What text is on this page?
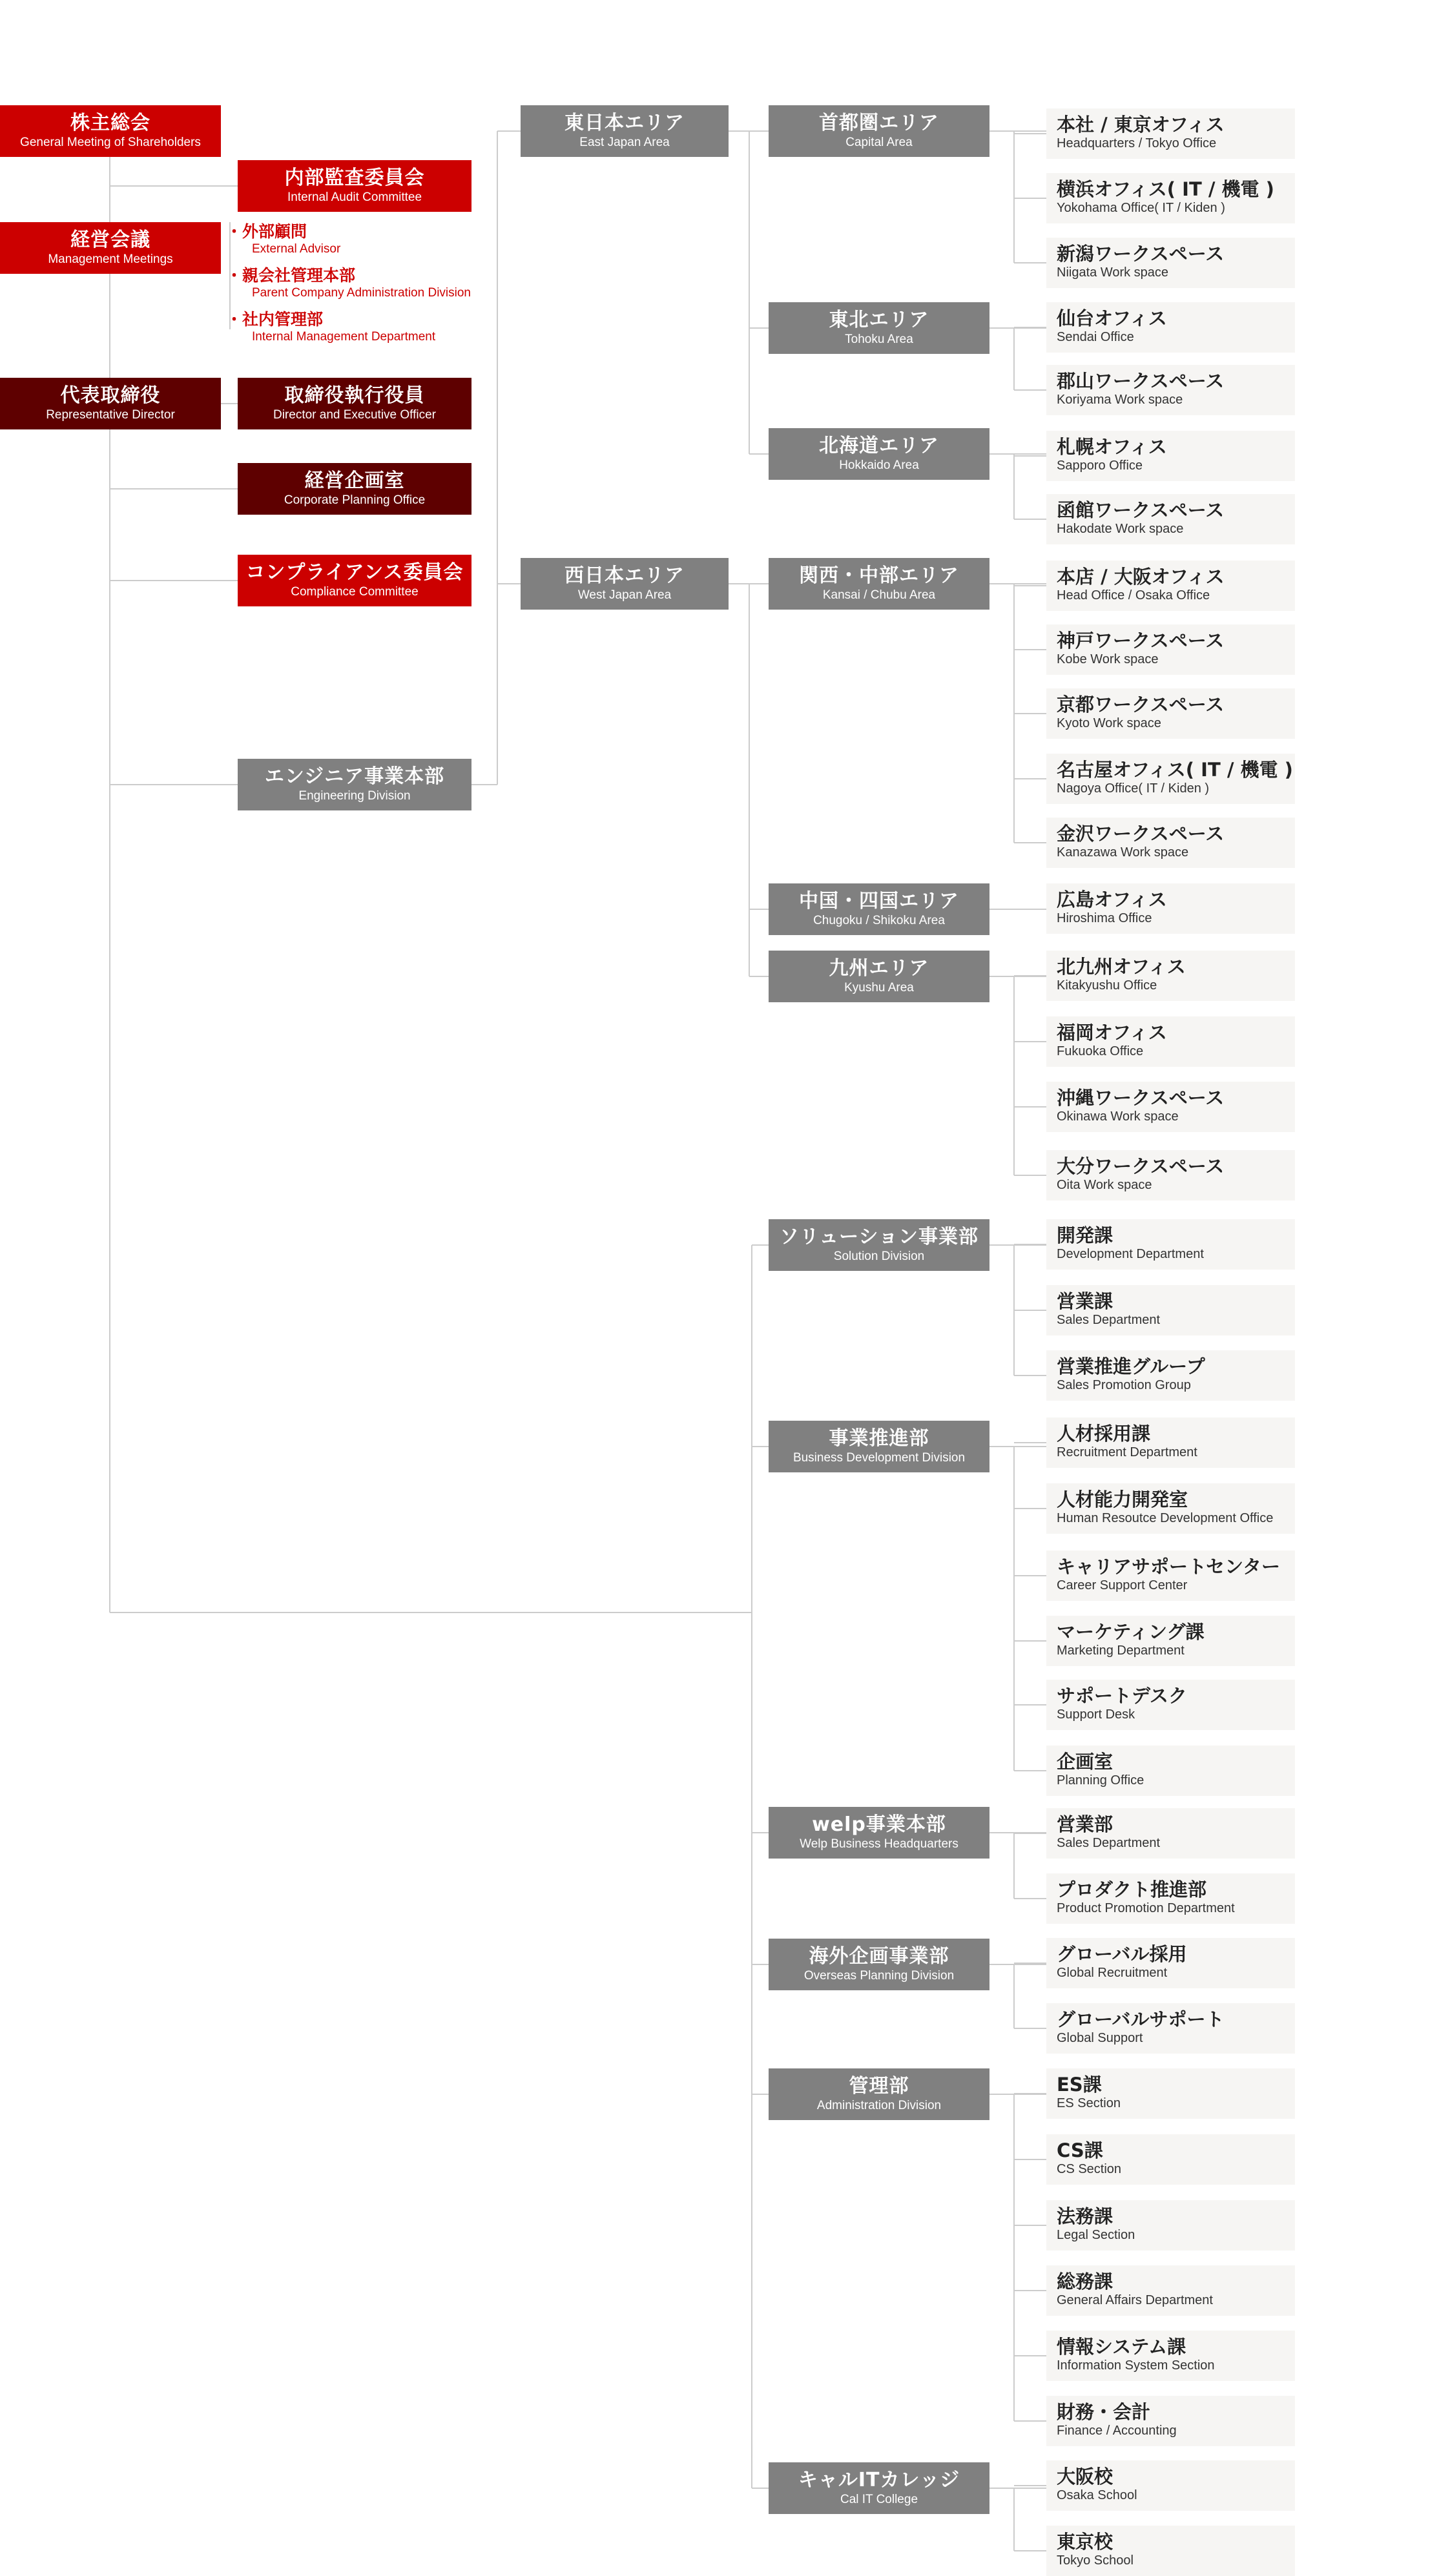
株主総会
General Meeting of Shareholders
経営会議
Management Meetings
代表取締役
Representative Director
内部監査委員会
Internal Audit Committee
・ 外部顧問
External Advisor
・ 親会社管理本部
Parent Company Administration Division
・ 社内管理部
Internal Management Department
取締役執行役員
Director and Executive Officer
経営企画室
Corporate Planning Office
コンプライアンス委員会
Compliance Committee
エンジニア事業本部
Engineering Division
東日本エリア
East Japan Area
西日本エリア
West Japan Area
首都圏エリア
Capital Area
本社 / 東京オフィス
Headquarters / Tokyo Office
横浜オフィス( IT / 機電 )
Yokohama Office( IT / Kiden )
新潟ワークスペース
Niigata Work space
東北エリア
Tohoku Area
仙台オフィス
Sendai Office
郡山ワークスペース
Koriyama Work space
北海道エリア
Hokkaido Area
札幌オフィス
Sapporo Office
函館ワークスペース
Hakodate Work space
関西・中部エリア
Kansai / Chubu Area
本店 / 大阪オフィス
Head Office / Osaka Office
神戸ワークスペース
Kobe Work space
京都ワークスペース
Kyoto Work space
名古屋オフィス( IT / 機電 )
Nagoya Office( IT / Kiden )
金沢ワークスペース
Kanazawa Work space
中国・四国エリア
Chugoku / Shikoku Area
広島オフィス
Hiroshima Office
九州エリア
Kyushu Area
北九州オフィス
Kitakyushu Office
福岡オフィス
Fukuoka Office
沖縄ワークスペース
Okinawa Work space
大分ワークスペース
Oita Work space
ソリューション事業部
Solution Division
開発課
Development Department
営業課
Sales Department
営業推進グループ
Sales Promotion Group
事業推進部
Business Development Division
人材採用課
Recruitment Department
人材能力開発室
Human Resoutce Development Office
キャリアサポートセンター
Career Support Center
マーケティング課
Marketing Department
サポートデスク
Support Desk
企画室
Planning Office
welp事業本部
Welp Business Headquarters
営業部
Sales Department
プロダクト推進部
Product Promotion Department
海外企画事業部
Overseas Planning Division
グローバル採用
Global Recruitment
グローバルサポート
Global Support
管理部
Administration Division
ES課
ES Section
CS課
CS Section
法務課
Legal Section
総務課
General Affairs Department
情報システム課
Information System Section
財務・会計
Finance / Accounting
キャルITカレッジ
Cal IT College
大阪校
Osaka School
東京校
Tokyo School
